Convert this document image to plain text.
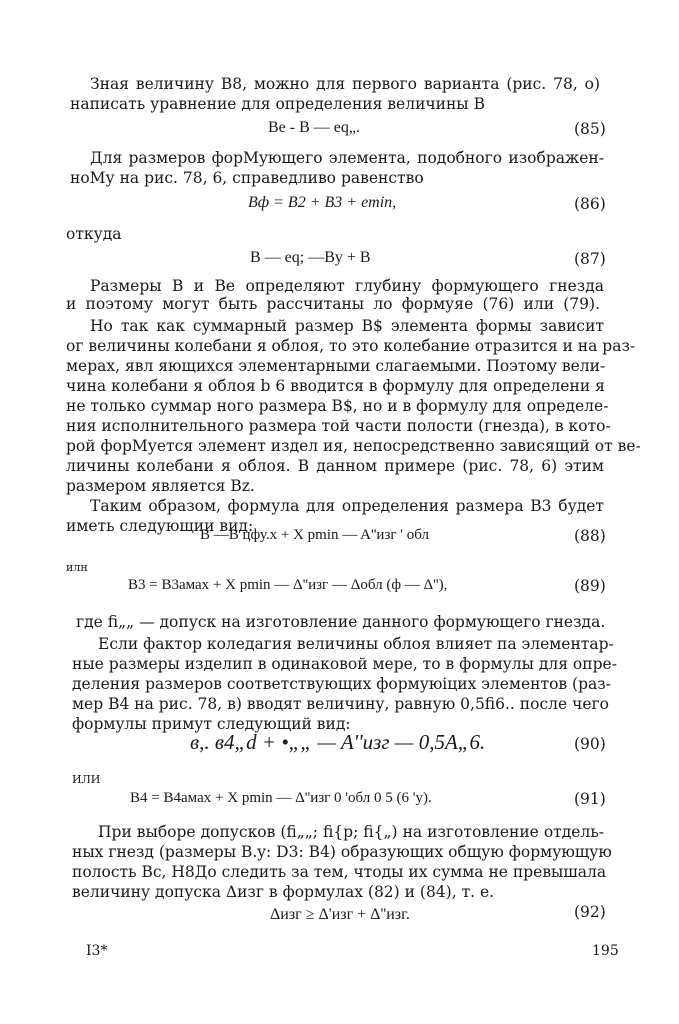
Зная величину B8, можно для первого варианта (рис. 78, о)
написать уравнение для определения величины B
Be - B — eq„.	(85)
Для размеров форМующего элемента, подобного изображен-
ноМу на рис. 78, 6, справедливо равенство
Bф = B2 + B3 + emin,	(86)
откуда
B — eq; —By + B	(87)
Размеры B и Be определяют глубину формующего гнезда
и поэтому могут быть рассчитаны ло формуяе (76) или (79).
Но так как суммарный размер B$ элемента формы зависит
ог величины колебани я облоя, то это колебание отразится и на раз-
мерах, явл яющихся элементарными слагаемыми. Поэтому вели-
чина колебани я облоя b 6 вводится в формулу для определени я
не только суммар ного размера B$, но и в формулу для определе-
ния исполнительного размера той части полости (гнезда), в кото-
рой форМуется элемент издел ия, непосредственно зависящий от ве-
личины колебани я облоя. В данном примере (рис. 78, 6) этим
размером является Bz.
Таким образом, формула для определения размера B3 будет
иметь следующии вид:
B —B цфу.x + X pmin — A''изг ' обл	(88)
илн
B3 = B3амах + X pmin — Δ''изг — Δобл (ф — Δ''),	(89)
где fi„„ — допуск на изготовление данного формующего гнезда.
Если фактор коледагия величины облоя влияет па элементар-
ные размеры изделип в одинаковой мере, то в формулы для опре-
деления размеров соответствующих формуюіцих элементов (раз-
мер B4 на рис. 78, в) вводят величину, равную 0,5fi6.. после чего
формулы примут следующий вид:
в,. в4„d + •„„ — A''изг — 0,5A„6.	(90)
ИЛИ
B4 = B4aмax + X pmin — Δ''изг 0 'обл 0 5 (6 'у).	(91)
При выборе допусков (fi„„; fi{p; fi{„) на изготовление отдель-
ных гнезд (размеры B.y: D3: B4) образующих общую формующую
полость Bc, Н8До следить за тем, чтоды их сумма не превышала
величину допуска Δизг в формулах (82) и (84), т. е.
Δизг ≥ Δ'изг + Δ''изг.	(92)
I3*	195
